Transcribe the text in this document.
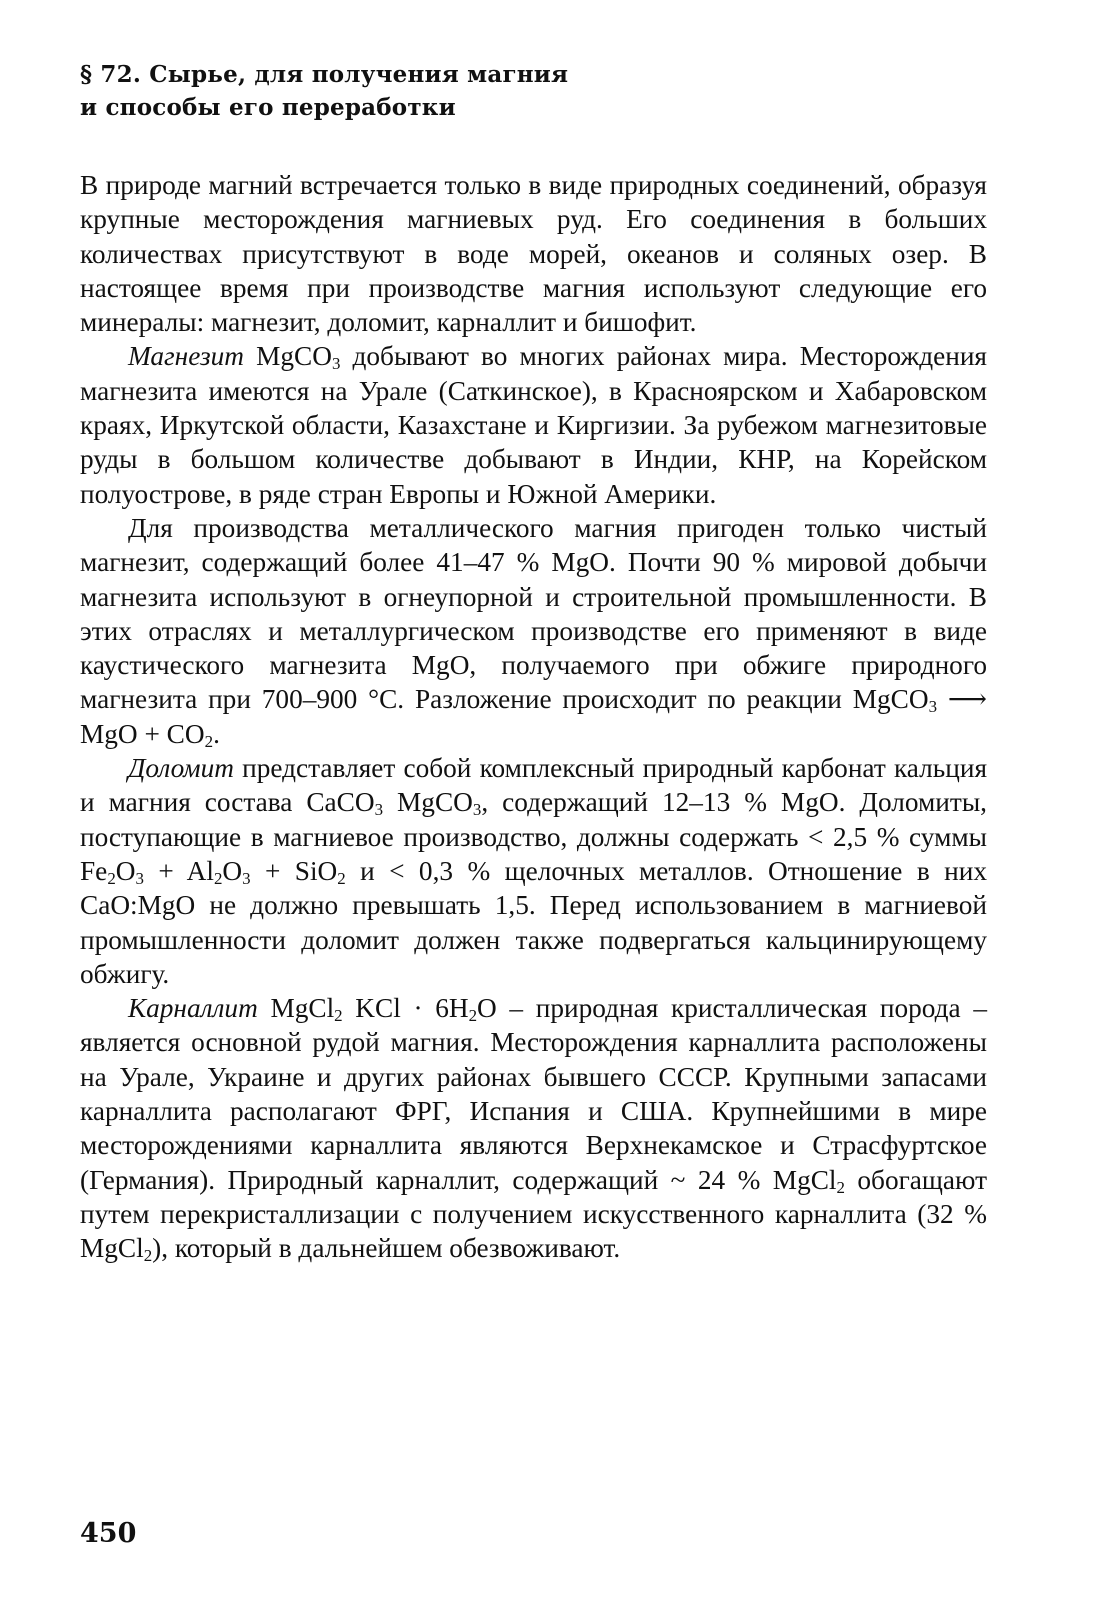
§ 72. Сырье, для получения магния
и способы его переработки

В природе магний встречается только в виде природных соединений, образуя крупные месторождения магниевых руд. Его соединения в больших количествах присутствуют в воде морей, океанов и соляных озер. В настоящее время при производстве магния используют следующие его минералы: магнезит, доломит, карналлит и бишофит.

Магнезит MgCO$_3$ добывают во многих районах мира. Месторождения магнезита имеются на Урале (Саткинское), в Красноярском и Хабаровском краях, Иркутской области, Казахстане и Киргизии. За рубежом магнезитовые руды в большом количестве добывают в Индии, КНР, на Корейском полуострове, в ряде стран Европы и Южной Америки.

Для производства металлического магния пригоден только чистый магнезит, содержащий более 41–47 % MgO. Почти 90 % мировой добычи магнезита используют в огнеупорной и строительной промышленности. В этих отраслях и металлургическом производстве его применяют в виде каустического магнезита MgO, получаемого при обжиге природного магнезита при 700–900 °С. Разложение происходит по реакции MgCO$_3$ ⟶ MgO + $CO_2$.

Доломит представляет собой комплексный природный карбонат кальция и магния состава CaCO$_3$ MgCO$_3$, содержащий 12–13 % MgO. Доломиты, поступающие в магниевое производство, должны содержать < 2,5 % суммы $Fe_2O_3 + Al_2O_3 + SiO_2$ и < 0,3 % щелочных металлов. Отношение в них CaO:MgO не должно превышать 1,5. Перед использованием в магниевой промышленности доломит должен также подвергаться кальцинирующему обжигу.

Карналлит MgCl$_2$ KCl · $6H_2O$ – природная кристаллическая порода – является основной рудой магния. Месторождения карналлита расположены на Урале, Украине и других районах бывшего СССР. Крупными запасами карналлита располагают ФРГ, Испания и США. Крупнейшими в мире месторождениями карналлита являются Верхнекамское и Страсфуртское (Германия). Природный карналлит, содержащий ~ 24 % MgCl$_2$ обогащают путем перекристаллизации с получением искусственного карналлита (32 % MgCl$_2$), который в дальнейшем обезвоживают.

450
